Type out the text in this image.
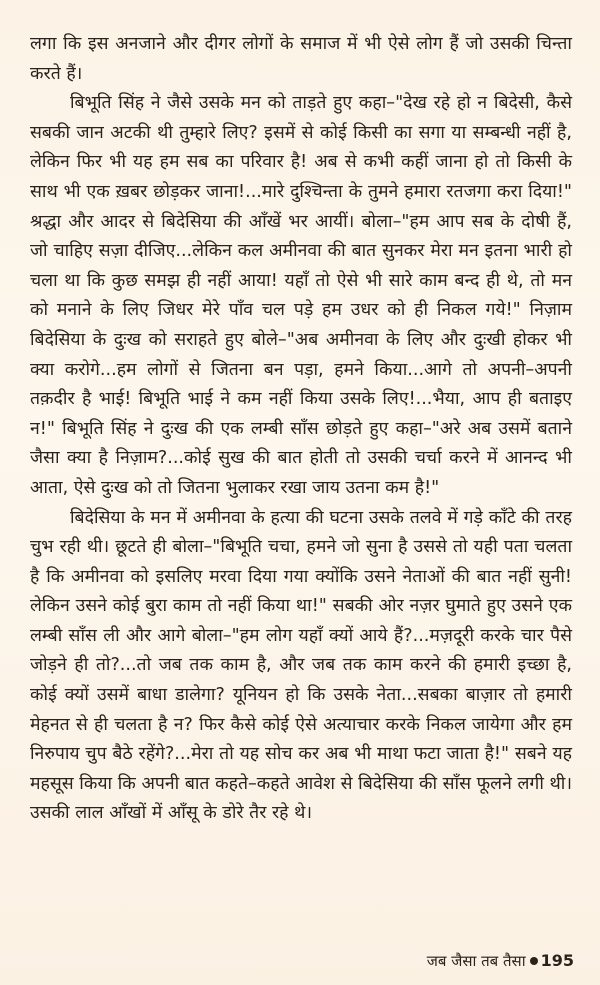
लगा कि इस अनजाने और दीगर लोगों के समाज में भी ऐसे लोग हैं जो उसकी चिन्ता करते हैं।

बिभूति सिंह ने जैसे उसके मन को ताड़ते हुए कहा–"देख रहे हो न बिदेसी, कैसे सबकी जान अटकी थी तुम्हारे लिए? इसमें से कोई किसी का सगा या सम्बन्धी नहीं है, लेकिन फिर भी यह हम सब का परिवार है! अब से कभी कहीं जाना हो तो किसी के साथ भी एक ख़बर छोड़कर जाना!...मारे दुश्चिन्ता के तुमने हमारा रतजगा करा दिया!" श्रद्धा और आदर से बिदेसिया की आँखें भर आयीं। बोला–"हम आप सब के दोषी हैं, जो चाहिए सज़ा दीजिए...लेकिन कल अमीनवा की बात सुनकर मेरा मन इतना भारी हो चला था कि कुछ समझ ही नहीं आया! यहाँ तो ऐसे भी सारे काम बन्द ही थे, तो मन को मनाने के लिए जिधर मेरे पाँव चल पड़े हम उधर को ही निकल गये!" निज़ाम बिदेसिया के दुःख को सराहते हुए बोले–"अब अमीनवा के लिए और दुःखी होकर भी क्या करोगे...हम लोगों से जितना बन पड़ा, हमने किया...आगे तो अपनी–अपनी तक़दीर है भाई! बिभूति भाई ने कम नहीं किया उसके लिए!...भैया, आप ही बताइए न!" बिभूति सिंह ने दुःख की एक लम्बी साँस छोड़ते हुए कहा–"अरे अब उसमें बताने जैसा क्या है निज़ाम?...कोई सुख की बात होती तो उसकी चर्चा करने में आनन्द भी आता, ऐसे दुःख को तो जितना भुलाकर रखा जाय उतना कम है!"

बिदेसिया के मन में अमीनवा के हत्या की घटना उसके तलवे में गड़े काँटे की तरह चुभ रही थी। छूटते ही बोला–"बिभूति चचा, हमने जो सुना है उससे तो यही पता चलता है कि अमीनवा को इसलिए मरवा दिया गया क्योंकि उसने नेताओं की बात नहीं सुनी! लेकिन उसने कोई बुरा काम तो नहीं किया था!" सबकी ओर नज़र घुमाते हुए उसने एक लम्बी साँस ली और आगे बोला–"हम लोग यहाँ क्यों आये हैं?...मज़दूरी करके चार पैसे जोड़ने ही तो?...तो जब तक काम है, और जब तक काम करने की हमारी इच्छा है, कोई क्यों उसमें बाधा डालेगा? यूनियन हो कि उसके नेता...सबका बाज़ार तो हमारी मेहनत से ही चलता है न? फिर कैसे कोई ऐसे अत्याचार करके निकल जायेगा और हम निरुपाय चुप बैठे रहेंगे?...मेरा तो यह सोच कर अब भी माथा फटा जाता है!" सबने यह महसूस किया कि अपनी बात कहते–कहते आवेश से बिदेसिया की साँस फूलने लगी थी। उसकी लाल आँखों में आँसू के डोरे तैर रहे थे।

जब जैसा तब तैसा 195
